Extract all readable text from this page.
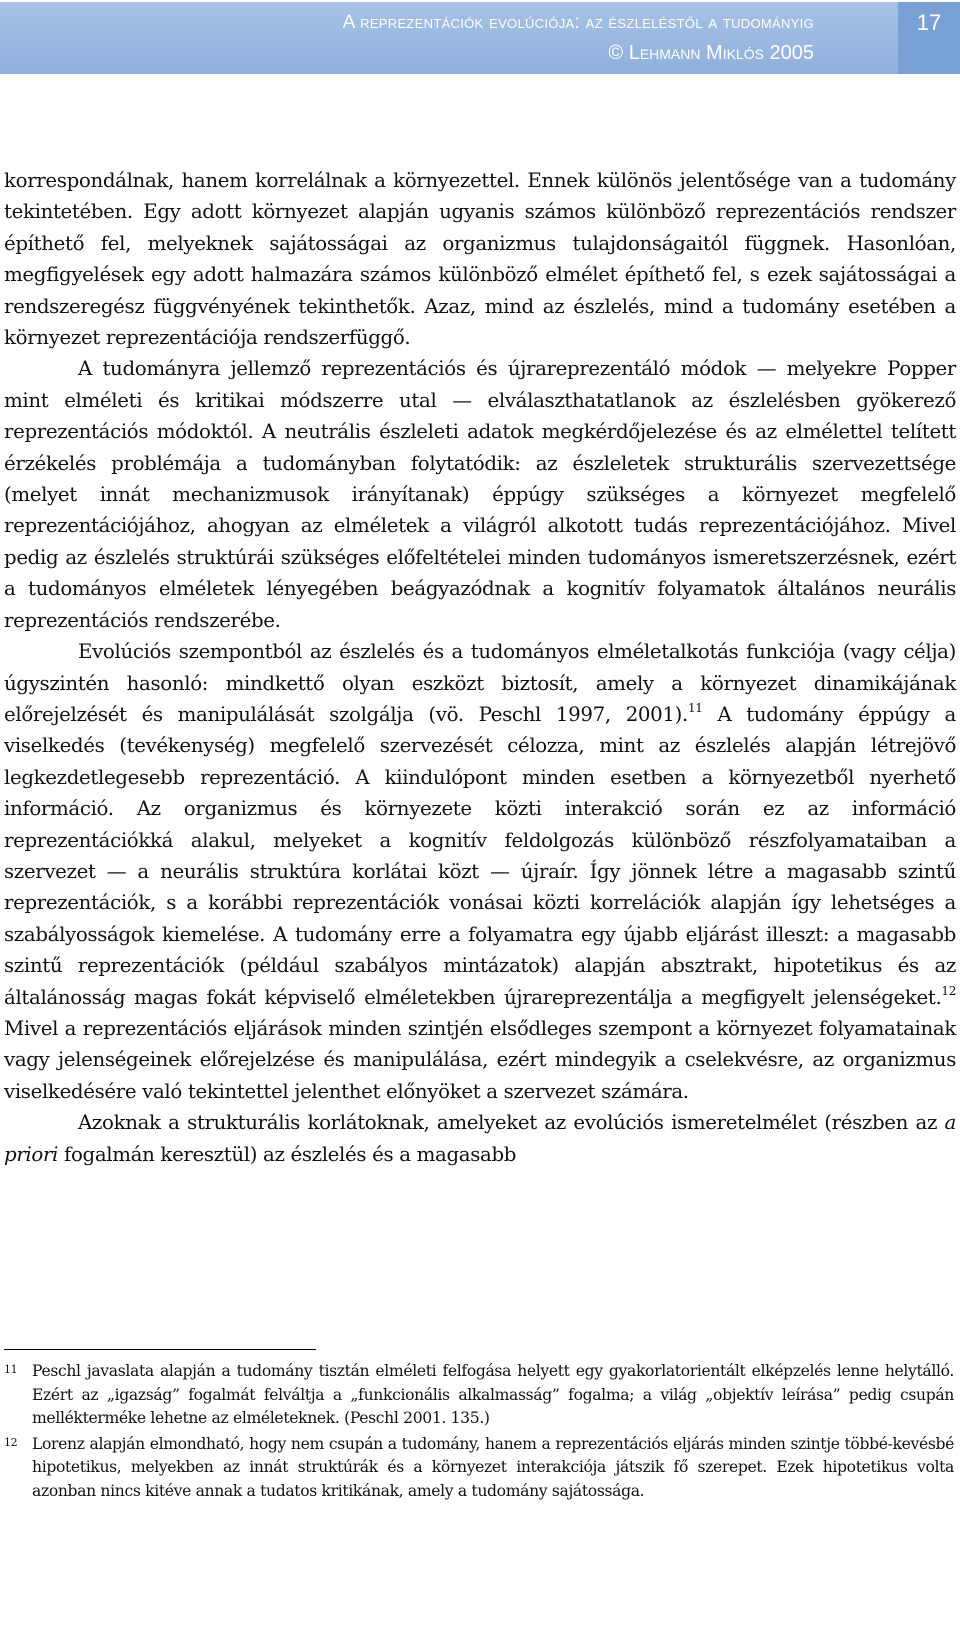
A reprezentációk evolúciója: az észleléstől a tudományig
© Lehmann Miklós 2005
17

korrespondálnak, hanem korrelálnak a környezettel. Ennek különös jelentősége van a tudomány tekintetében. Egy adott környezet alapján ugyanis számos különböző reprezentációs rendszer építhető fel, melyeknek sajátosságai az organizmus tulajdonságaitól függnek. Hasonlóan, megfigyelések egy adott halmazára számos különböző elmélet építhető fel, s ezek sajátosságai a rendszeregész függvényének tekinthetők. Azaz, mind az észlelés, mind a tudomány esetében a környezet reprezentációja rendszerfüggő.

A tudományra jellemző reprezentációs és újrareprezentáló módok — melyekre Popper mint elméleti és kritikai módszerre utal — elválaszthatatlanok az észlelésben gyökerező reprezentációs módoktól. A neutrális észleleti adatok megkérdőjelezése és az elmélettel telített érzékelés problémája a tudományban folytatódik: az észleletek strukturális szervezettsége (melyet innát mechanizmusok irányítanak) éppúgy szükséges a környezet megfelelő reprezentációjához, ahogyan az elméletek a világról alkotott tudás reprezentációjához. Mivel pedig az észlelés struktúrái szükséges előfeltételei minden tudományos ismeretszerzésnek, ezért a tudományos elméletek lényegében beágyazódnak a kognitív folyamatok általános neurális reprezentációs rendszerébe.

Evolúciós szempontból az észlelés és a tudományos elméletalkotás funkciója (vagy célja) úgyszintén hasonló: mindkettő olyan eszközt biztosít, amely a környezet dinamikájának előrejelzését és manipulálását szolgálja (vö. Peschl 1997, 2001).$^{11}$ A tudomány éppúgy a viselkedés (tevékenység) megfelelő szervezését célozza, mint az észlelés alapján létrejövő legkezdetlegesebb reprezentáció. A kiindulópont minden esetben a környezetből nyerhető információ. Az organizmus és környezete közti interakció során ez az információ reprezentációkká alakul, melyeket a kognitív feldolgozás különböző részfolyamataiban a szervezet — a neurális struktúra korlátai közt — újraír. Így jönnek létre a magasabb szintű reprezentációk, s a korábbi reprezentációk vonásai közti korrelációk alapján így lehetséges a szabályosságok kiemelése. A tudomány erre a folyamatra egy újabb eljárást illeszt: a magasabb szintű reprezentációk (például szabályos mintázatok) alapján absztrakt, hipotetikus és az általánosság magas fokát képviselő elméletekben újrareprezentálja a megfigyelt jelenségeket.$^{12}$ Mivel a reprezentációs eljárások minden szintjén elsődleges szempont a környezet folyamatainak vagy jelenségeinek előrejelzése és manipulálása, ezért mindegyik a cselekvésre, az organizmus viselkedésére való tekintettel jelenthet előnyöket a szervezet számára.

Azoknak a strukturális korlátoknak, amelyeket az evolúciós ismeretelmélet (részben az a priori fogalmán keresztül) az észlelés és a magasabb

11 Peschl javaslata alapján a tudomány tisztán elméleti felfogása helyett egy gyakorlatorientált elképzelés lenne helytálló. Ezért az „igazság” fogalmát felváltja a „funkcionális alkalmasság” fogalma; a világ „objektív leírása” pedig csupán melléktermékе lehetne az elméleteknek. (Peschl 2001. 135.)
12 Lorenz alapján elmondható, hogy nem csupán a tudomány, hanem a reprezentációs eljárás minden szintje többé-kevésbé hipotetikus, melyekben az innát struktúrák és a környezet interakciója játszik fő szerepet. Ezek hipotetikus volta azonban nincs kitéve annak a tudatos kritikának, amely a tudomány sajátossága.
